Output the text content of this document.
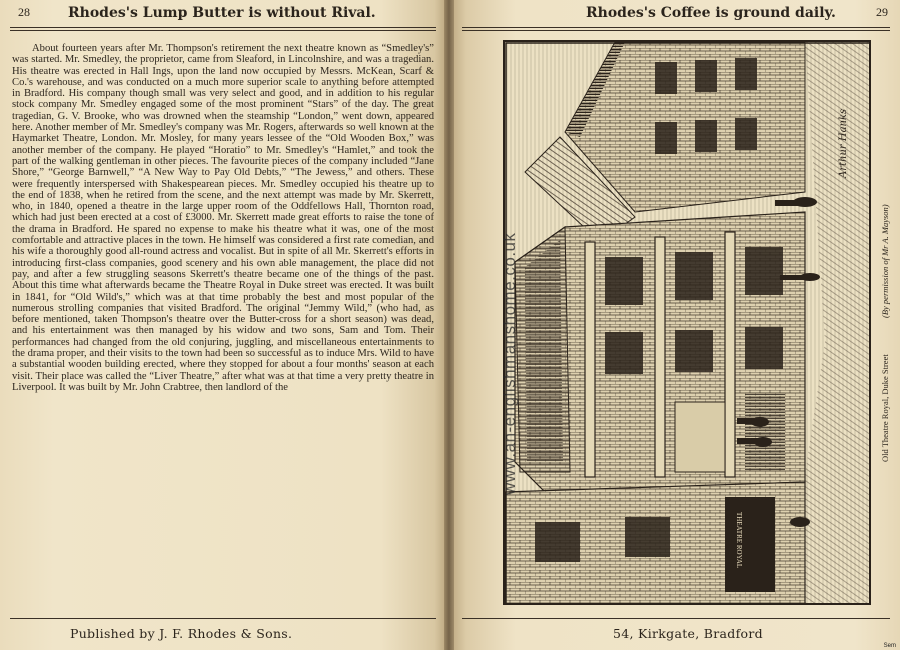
28	Rhodes's Lump Butter is without Rival.
About fourteen years after Mr. Thompson's retirement the next theatre known as “Smedley's” was started. Mr. Smedley, the proprietor, came from Sleaford, in Lincolnshire, and was a tragedian. His theatre was erected in Hall Ings, upon the land now occupied by Messrs. McKean, Scarf & Co.'s warehouse, and was conducted on a much more superior scale to anything before attempted in Bradford. His company though small was very select and good, and in addition to his regular stock company Mr. Smedley engaged some of the most prominent “Stars” of the day. The great tragedian, G. V. Brooke, who was drowned when the steamship “London,” went down, appeared here. Another member of Mr. Smedley's company was Mr. Rogers, afterwards so well known at the Haymarket Theatre, London. Mr. Mosley, for many years lessee of the “Old Wooden Box,” was another member of the company. He played “Horatio” to Mr. Smedley's “Hamlet,” and took the part of the walking gentleman in other pieces. The favourite pieces of the company included “Jane Shore,” “George Barnwell,” “A New Way to Pay Old Debts,” “The Jewess,” and others. These were frequently interspersed with Shakespearean pieces. Mr. Smedley occupied his theatre up to the end of 1838, when he retired from the scene, and the next attempt was made by Mr. Skerrett, who, in 1840, opened a theatre in the large upper room of the Oddfellows Hall, Thornton road, which had just been erected at a cost of £3000. Mr. Skerrett made great efforts to raise the tone of the drama in Bradford. He spared no expense to make his theatre what it was, one of the most comfortable and attractive places in the town. He himself was considered a first rate comedian, and his wife a thoroughly good all-round actress and vocalist. But in spite of all Mr. Skerrett's efforts in introducing first-class companies, good scenery and his own able management, the place did not pay, and after a few struggling seasons Skerrett's theatre became one of the things of the past. About this time what afterwards became the Theatre Royal in Duke street was erected. It was built in 1841, for “Old Wild's,” which was at that time probably the best and most popular of the numerous strolling companies that visited Bradford. The original “Jemmy Wild,” (who had, as before mentioned, taken Thompson's theatre over the Butter-cross for a short season) was dead, and his entertainment was then managed by his widow and two sons, Sam and Tom. Their performances had changed from the old conjuring, juggling, and miscellaneous entertainments to the drama proper, and their visits to the town had been so successful as to induce Mrs. Wild to have a substantial wooden building erected, where they stopped for about a four months' season at each visit. Their place was called the “Liver Theatre,” after what was at that time a very pretty theatre in Liverpool. It was built by Mr. John Crabtree, then landlord of the
Published by J. F. Rhodes & Sons.
Rhodes's Coffee is ground daily.	29
54, Kirkgate, Bradford
THEATRE ROYAL
Arthur Hanks
Old Theatre Royal, Duke Street
(By permission of Mr A. Mayson)
www.an-englishmanshome.co.uk
Sem
